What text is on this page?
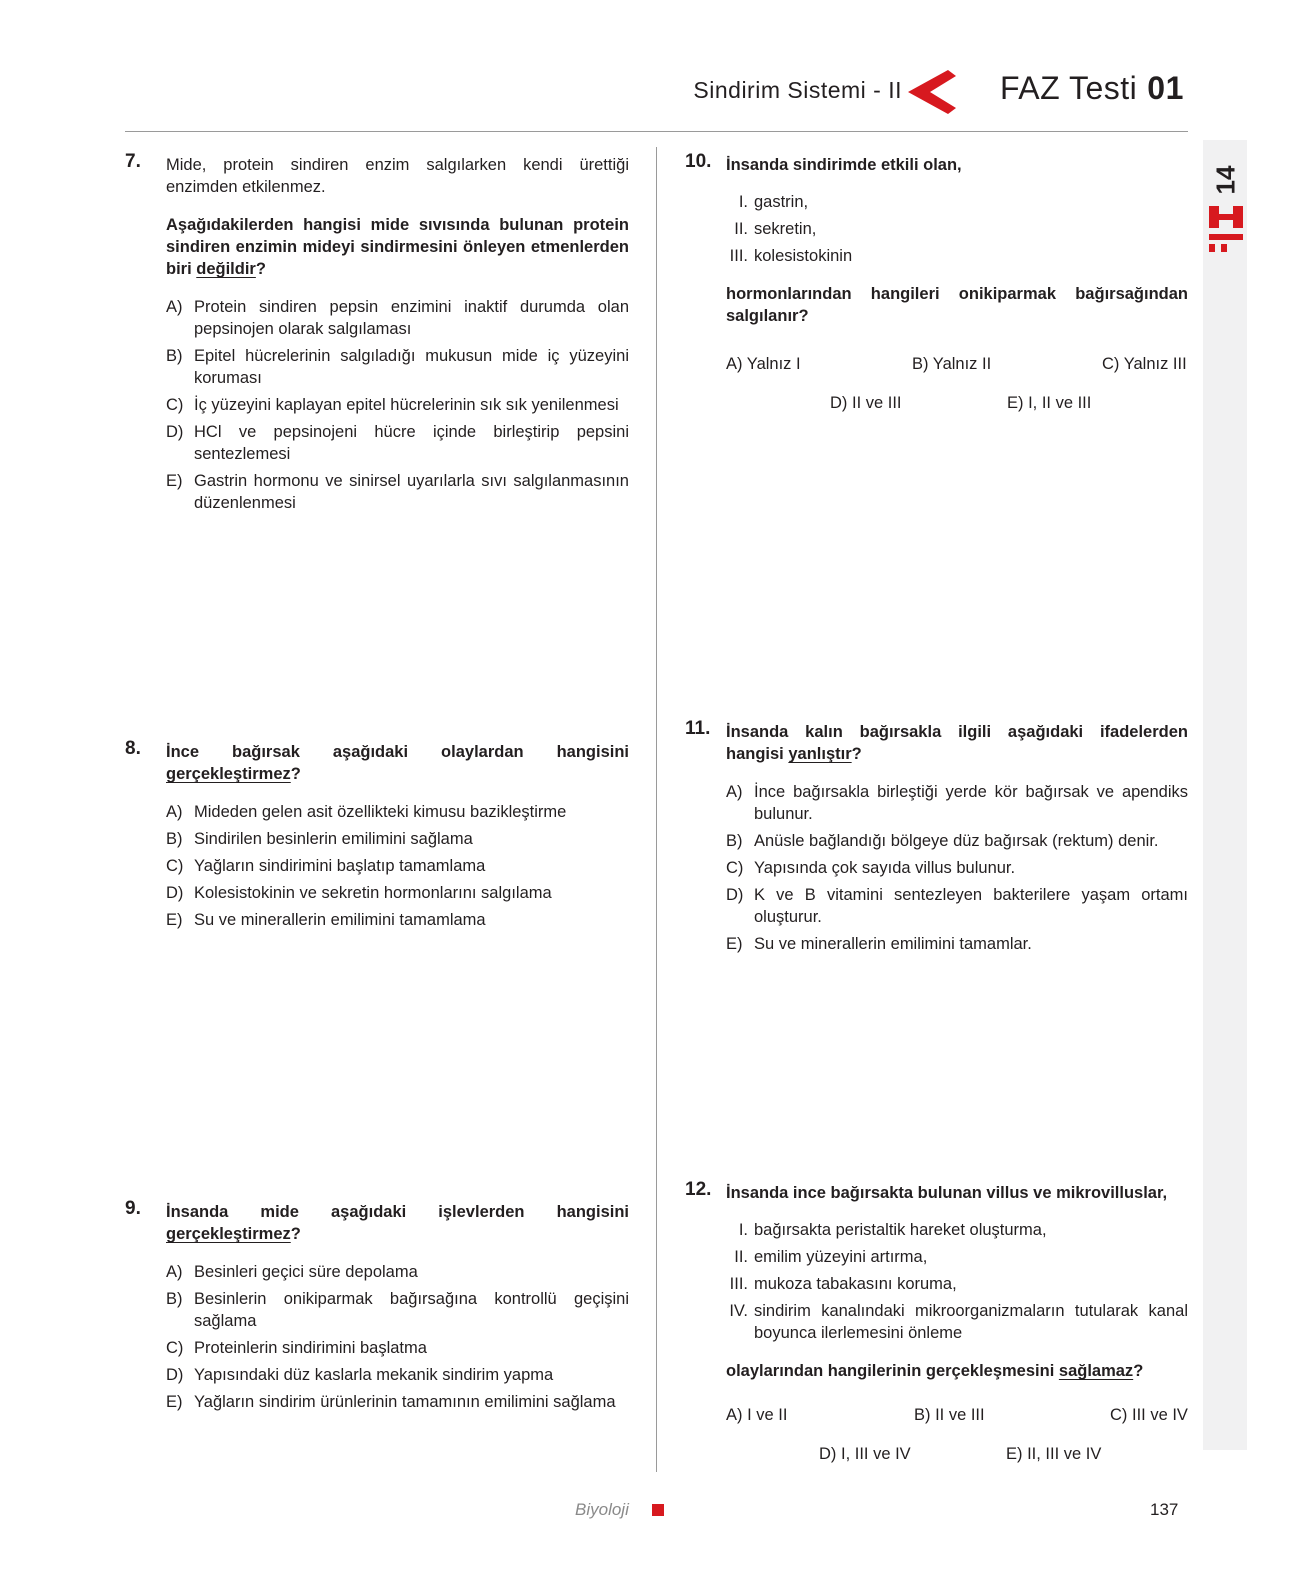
Sindirim Sistemi - II	FAZ Testi 01
14
7. Mide, protein sindiren enzim salgılarken kendi ürettiği enzimden etkilenmez.
Aşağıdakilerden hangisi mide sıvısında bulunan protein sindiren enzimin mideyi sindirmesini önleyen etmenlerden biri değildir?
A) Protein sindiren pepsin enzimini inaktif durumda olan pepsinojen olarak salgılaması
B) Epitel hücrelerinin salgıladığı mukusun mide iç yüzeyini koruması
C) İç yüzeyini kaplayan epitel hücrelerinin sık sık yenilenmesi
D) HCl ve pepsinojeni hücre içinde birleştirip pepsini sentezlemesi
E) Gastrin hormonu ve sinirsel uyarılarla sıvı salgılanmasının düzenlenmesi
8. İnce bağırsak aşağıdaki olaylardan hangisini gerçekleştirmez?
A) Mideden gelen asit özellikteki kimusu bazikleştirme
B) Sindirilen besinlerin emilimini sağlama
C) Yağların sindirimini başlatıp tamamlama
D) Kolesistokinin ve sekretin hormonlarını salgılama
E) Su ve minerallerin emilimini tamamlama
9. İnsanda mide aşağıdaki işlevlerden hangisini gerçekleştirmez?
A) Besinleri geçici süre depolama
B) Besinlerin onikiparmak bağırsağına kontrollü geçişini sağlama
C) Proteinlerin sindirimini başlatma
D) Yapısındaki düz kaslarla mekanik sindirim yapma
E) Yağların sindirim ürünlerinin tamamının emilimini sağlama
10. İnsanda sindirimde etkili olan,
I. gastrin,
II. sekretin,
III. kolesistokinin
hormonlarından hangileri onikiparmak bağırsağından salgılanır?
A) Yalnız I	B) Yalnız II	C) Yalnız III
D) II ve III	E) I, II ve III
11. İnsanda kalın bağırsakla ilgili aşağıdaki ifadelerden hangisi yanlıştır?
A) İnce bağırsakla birleştiği yerde kör bağırsak ve apendiks bulunur.
B) Anüsle bağlandığı bölgeye düz bağırsak (rektum) denir.
C) Yapısında çok sayıda villus bulunur.
D) K ve B vitamini sentezleyen bakterilere yaşam ortamı oluşturur.
E) Su ve minerallerin emilimini tamamlar.
12. İnsanda ince bağırsakta bulunan villus ve mikrovilluslar,
I. bağırsakta peristaltik hareket oluşturma,
II. emilim yüzeyini artırma,
III. mukoza tabakasını koruma,
IV. sindirim kanalındaki mikroorganizmaların tutularak kanal boyunca ilerlemesini önleme
olaylarından hangilerinin gerçekleşmesini sağlamaz?
A) I ve II	B) II ve III	C) III ve IV
D) I, III ve IV	E) II, III ve IV
Biyoloji	137
